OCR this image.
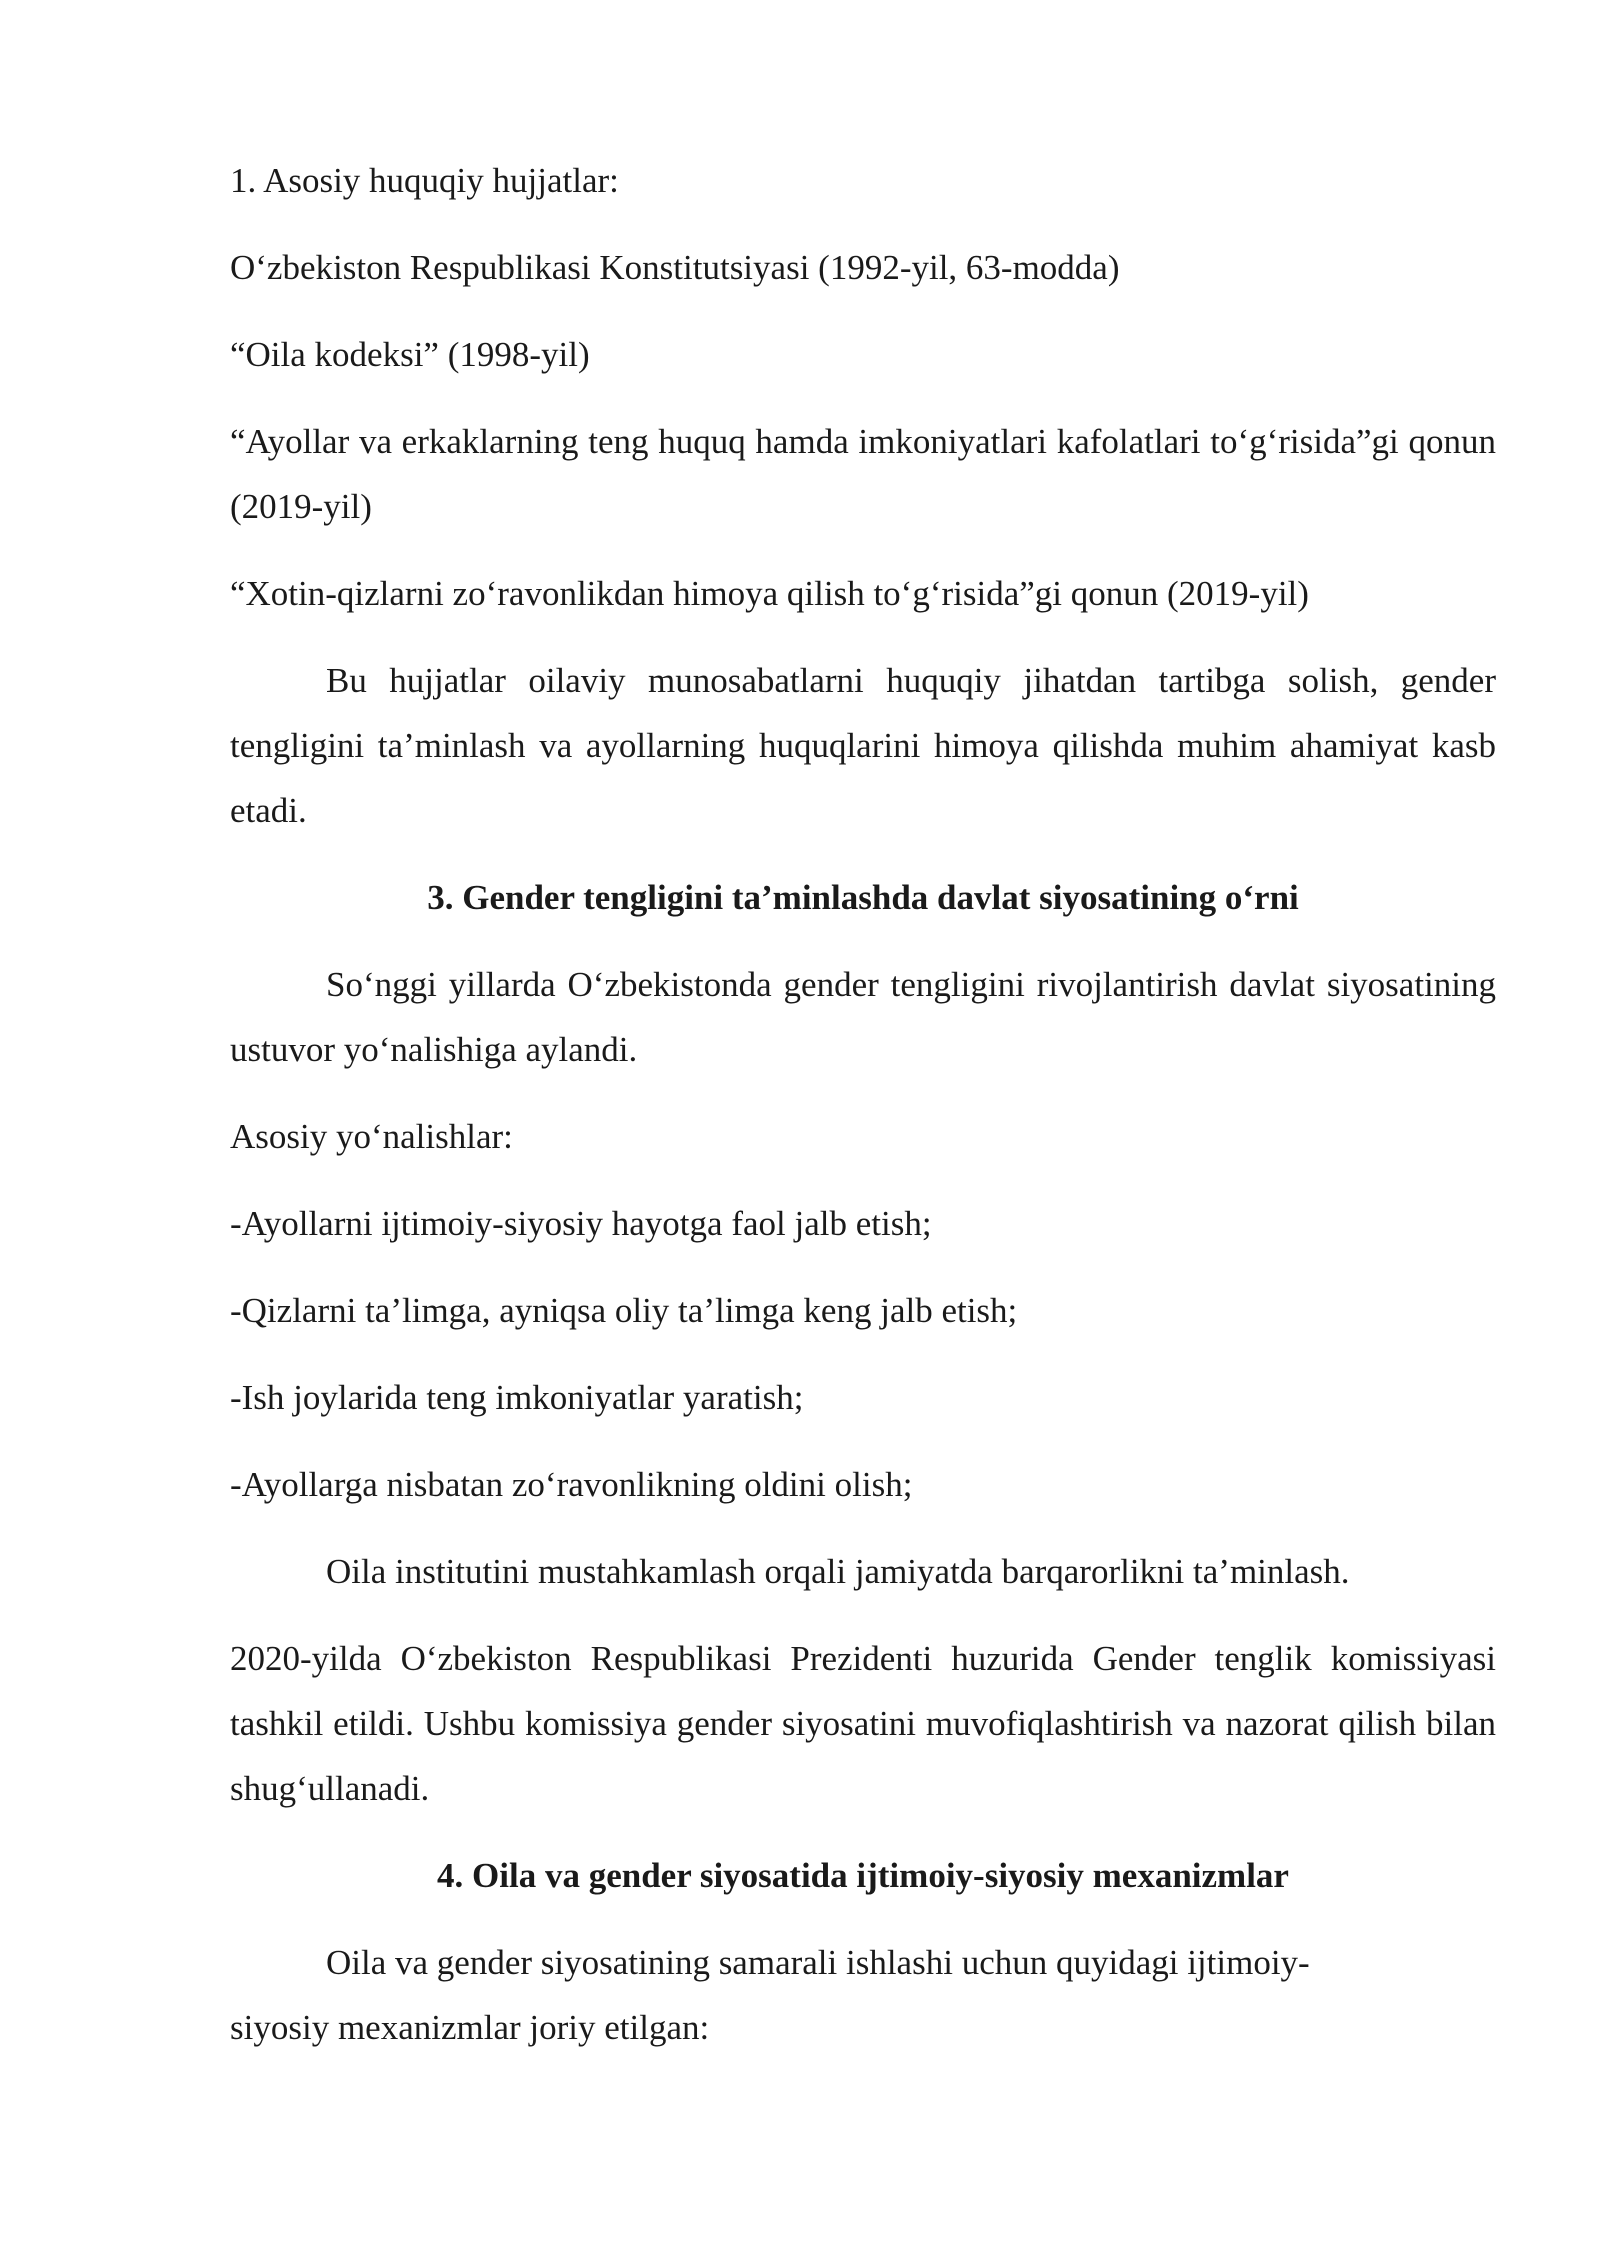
1. Asosiy huquqiy hujjatlar:

O‘zbekiston Respublikasi Konstitutsiyasi (1992-yil, 63-modda)

“Oila kodeksi” (1998-yil)

“Ayollar va erkaklarning teng huquq hamda imkoniyatlari kafolatlari to‘g‘risida”gi qonun (2019-yil)

“Xotin-qizlarni zo‘ravonlikdan himoya qilish to‘g‘risida”gi qonun (2019-yil)

Bu hujjatlar oilaviy munosabatlarni huquqiy jihatdan tartibga solish, gender tengligini ta’minlash va ayollarning huquqlarini himoya qilishda muhim ahamiyat kasb etadi.

3. Gender tengligini ta’minlashda davlat siyosatining o‘rni

So‘nggi yillarda O‘zbekistonda gender tengligini rivojlantirish davlat siyosatining ustuvor yo‘nalishiga aylandi.

Asosiy yo‘nalishlar:

-Ayollarni ijtimoiy-siyosiy hayotga faol jalb etish;

-Qizlarni ta’limga, ayniqsa oliy ta’limga keng jalb etish;

-Ish joylarida teng imkoniyatlar yaratish;

-Ayollarga nisbatan zo‘ravonlikning oldini olish;

Oila institutini mustahkamlash orqali jamiyatda barqarorlikni ta’minlash.

2020-yilda O‘zbekiston Respublikasi Prezidenti huzurida Gender tenglik komissiyasi tashkil etildi. Ushbu komissiya gender siyosatini muvofiqlashtirish va nazorat qilish bilan shug‘ullanadi.

4. Oila va gender siyosatida ijtimoiy-siyosiy mexanizmlar

Oila va gender siyosatining samarali ishlashi uchun quyidagi ijtimoiy-

siyosiy mexanizmlar joriy etilgan:
